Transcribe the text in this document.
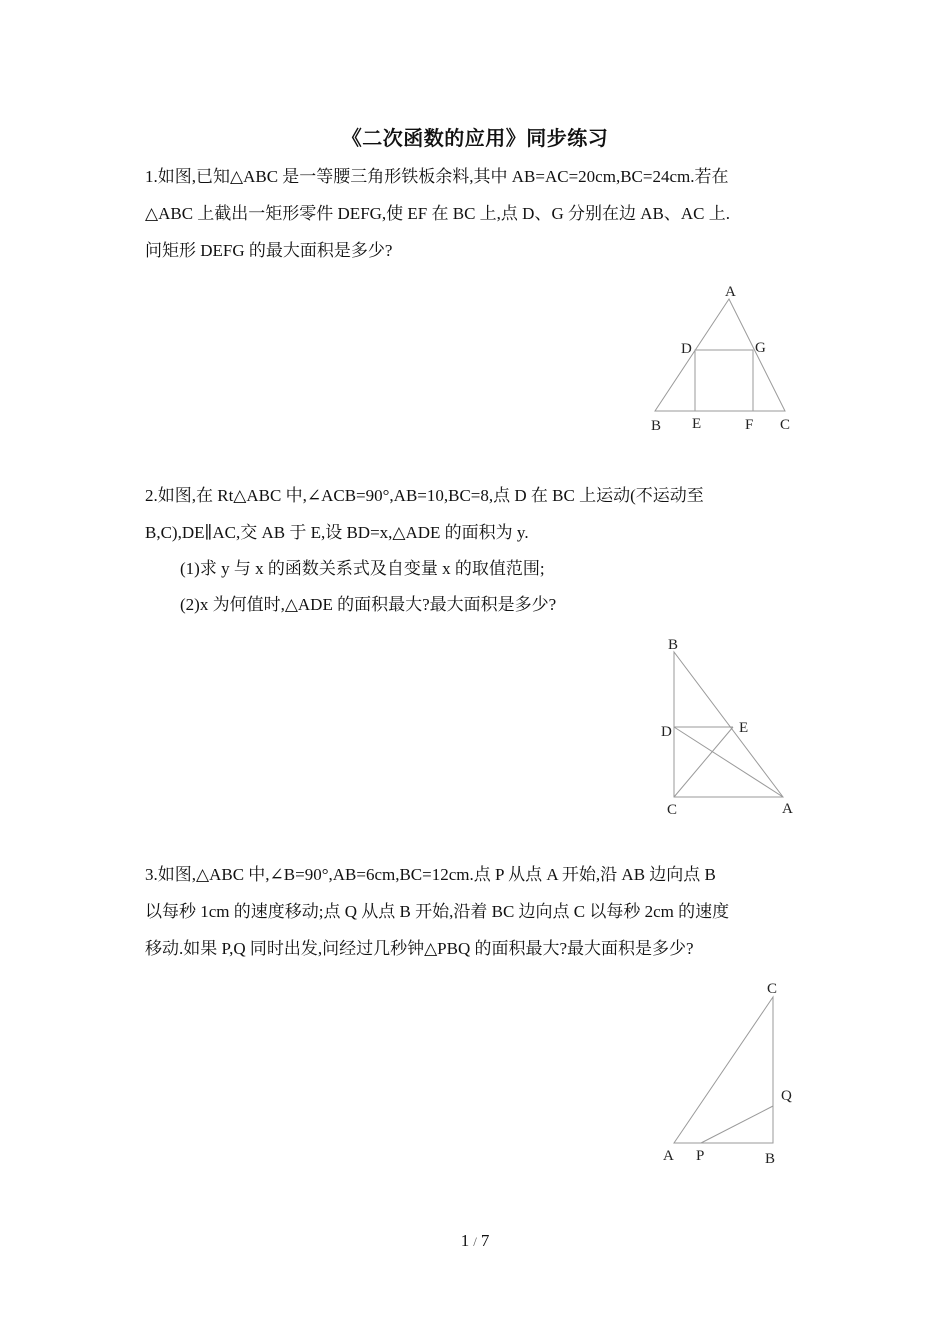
《二次函数的应用》同步练习
1.如图,已知△ABC 是一等腰三角形铁板余料,其中 AB=AC=20cm,BC=24cm.若在
△ABC 上截出一矩形零件 DEFG,使 EF 在 BC 上,点 D、G 分别在边 AB、AC 上.
问矩形 DEFG 的最大面积是多少?
A
B	C
D	G
E	F
2.如图,在 Rt△ABC 中,∠ACB=90°,AB=10,BC=8,点 D 在 BC 上运动(不运动至
B,C),DE∥AC,交 AB 于 E,设 BD=x,△ADE 的面积为 y.
(1)求 y 与 x 的函数关系式及自变量 x 的取值范围;
(2)x 为何值时,△ADE 的面积最大?最大面积是多少?
B
D	E
C	A
3.如图,△ABC 中,∠B=90°,AB=6cm,BC=12cm.点 P 从点 A 开始,沿 AB 边向点 B
以每秒 1cm 的速度移动;点 Q 从点 B 开始,沿着 BC 边向点 C 以每秒 2cm 的速度
移动.如果 P,Q 同时出发,问经过几秒钟△PBQ 的面积最大?最大面积是多少?
C
Q
A P	B
1 / 7
